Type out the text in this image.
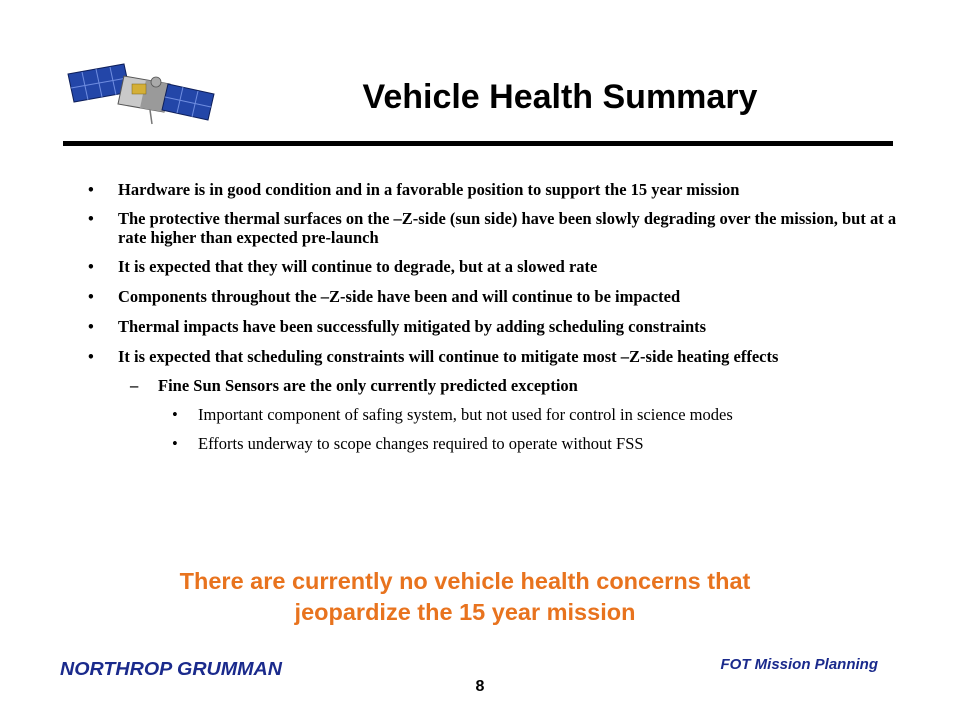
Vehicle Health Summary
• Hardware is in good condition and in a favorable position to support the 15 year mission
• The protective thermal surfaces on the –Z-side (sun side) have been slowly degrading over the mission, but at a rate higher than expected pre-launch
• It is expected that they will continue to degrade, but at a slowed rate
• Components throughout the –Z-side have been and will continue to be impacted
• Thermal impacts have been successfully mitigated by adding scheduling constraints
• It is expected that scheduling constraints will continue to mitigate most –Z-side heating effects
– Fine Sun Sensors are the only currently predicted exception
• Important component of safing system, but not used for control in science modes
• Efforts underway to scope changes required to operate without FSS
There are currently no vehicle health concerns that
jeopardize the 15 year mission
NORTHROP GRUMMAN	FOT Mission Planning
8
